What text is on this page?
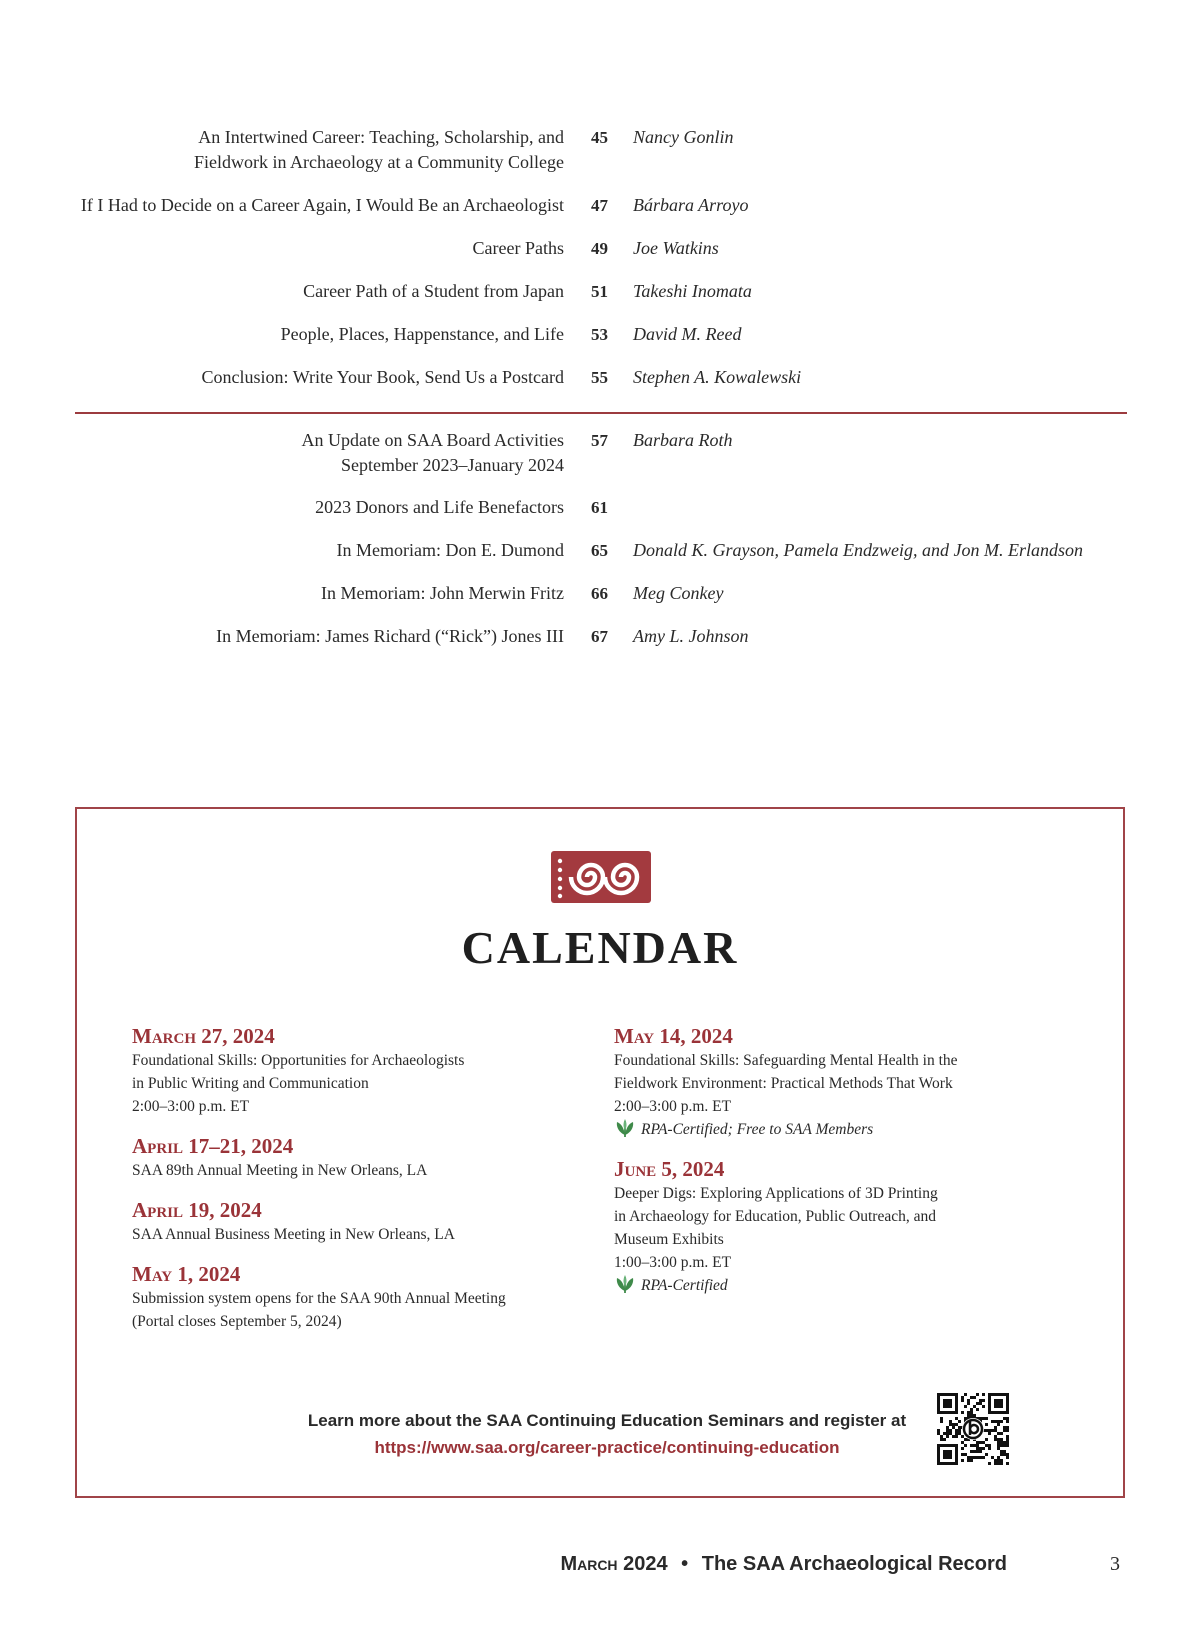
An Intertwined Career: Teaching, Scholarship, and
Fieldwork in Archaeology at a Community College
45	Nancy Gonlin
If I Had to Decide on a Career Again, I Would Be an Archaeologist 47	Bárbara Arroyo
Career Paths 49	Joe Watkins
Career Path of a Student from Japan 51	Takeshi Inomata
People, Places, Happenstance, and Life 53	David M. Reed
Conclusion: Write Your Book, Send Us a Postcard 55	Stephen A. Kowalewski
An Update on SAA Board Activities
September 2023–January 2024
57	Barbara Roth
2023 Donors and Life Benefactors 61
In Memoriam: Don E. Dumond 65	Donald K. Grayson, Pamela Endzweig, and Jon M. Erlandson
In Memoriam: John Merwin Fritz 66	Meg Conkey
In Memoriam: James Richard (“Rick”) Jones III 67	Amy L. Johnson
CALENDAR
March 27, 2024
Foundational Skills: Opportunities for Archaeologists
in Public Writing and Communication
2:00–3:00 p.m. ET
April 17–21, 2024
SAA 89th Annual Meeting in New Orleans, LA
April 19, 2024
SAA Annual Business Meeting in New Orleans, LA
May 1, 2024
Submission system opens for the SAA 90th Annual Meeting
(Portal closes September 5, 2024)
May 14, 2024
Foundational Skills: Safeguarding Mental Health in the
Fieldwork Environment: Practical Methods That Work
2:00–3:00 p.m. ET
RPA-Certified; Free to SAA Members
June 5, 2024
Deeper Digs: Exploring Applications of 3D Printing
in Archaeology for Education, Public Outreach, and
Museum Exhibits
1:00–3:00 p.m. ET
RPA-Certified
Learn more about the SAA Continuing Education Seminars and register at
https://www.saa.org/career-practice/continuing-education
March 2024 • The SAA Archaeological Record	3
